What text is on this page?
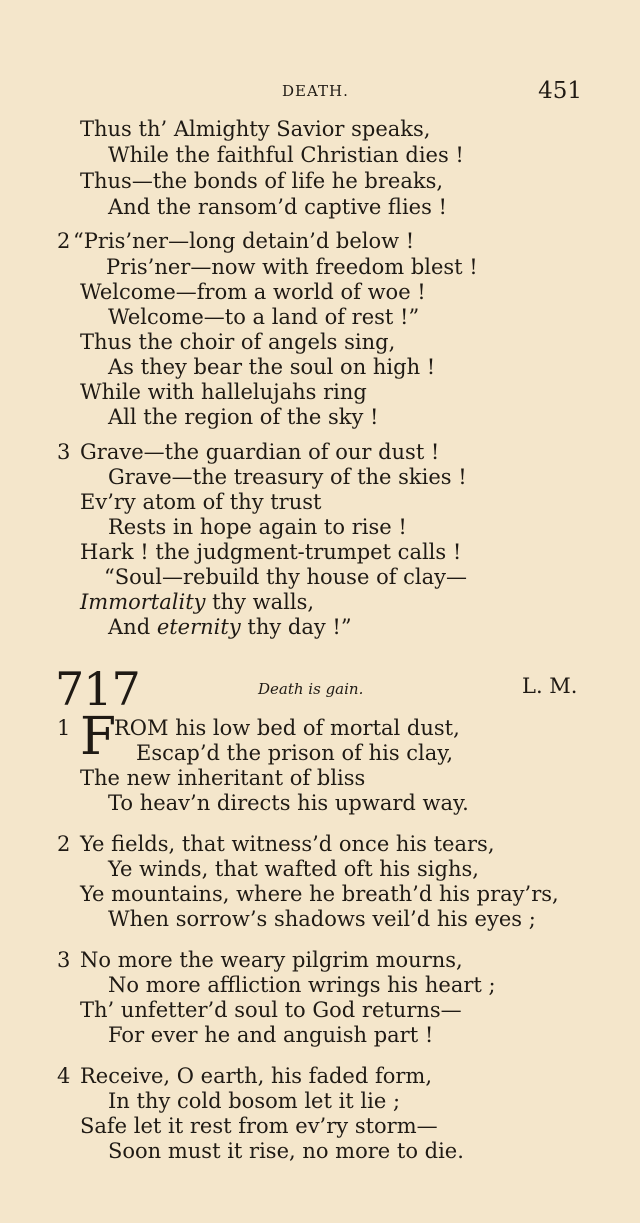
DEATH.	451
Thus th’ Almighty Savior speaks,
While the faithful Christian dies !
Thus—the bonds of life he breaks,
And the ransom’d captive flies !
2 “Pris’ner—long detain’d below !
Pris’ner—now with freedom blest !
Welcome—from a world of woe !
Welcome—to a land of rest !”
Thus the choir of angels sing,
As they bear the soul on high !
While with hallelujahs ring
All the region of the sky !
3 Grave—the guardian of our dust !
Grave—the treasury of the skies !
Ev’ry atom of thy trust
Rests in hope again to rise !
Hark ! the judgment-trumpet calls !
“Soul—rebuild thy house of clay—
Immortality thy walls,
And eternity thy day !”
717	Death is gain.	L. M.
1 F
ROM his low bed of mortal dust,
Escap’d the prison of his clay,
The new inheritant of bliss
To heav’n directs his upward way.
2 Ye fields, that witness’d once his tears,
Ye winds, that wafted oft his sighs,
Ye mountains, where he breath’d his pray’rs,
When sorrow’s shadows veil’d his eyes ;
3 No more the weary pilgrim mourns,
No more affliction wrings his heart ;
Th’ unfetter’d soul to God returns—
For ever he and anguish part !
4 Receive, O earth, his faded form,
In thy cold bosom let it lie ;
Safe let it rest from ev’ry storm—
Soon must it rise, no more to die.
